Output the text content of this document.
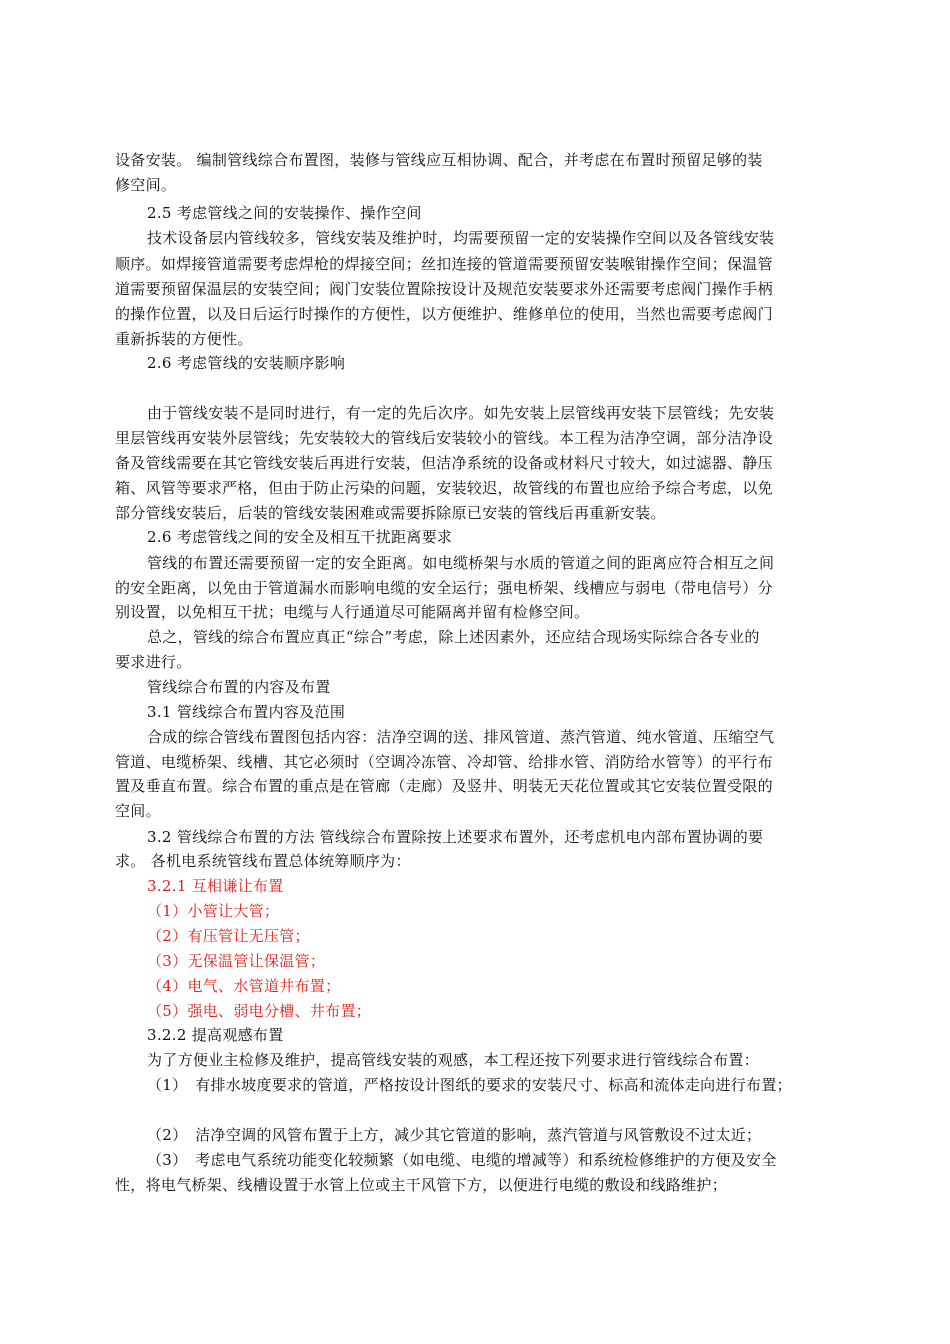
设备安装。 编制管线综合布置图，装修与管线应互相协调、配合，并考虑在布置时预留足够的装
修空间。
2.5 考虑管线之间的安装操作、操作空间
技术设备层内管线较多，管线安装及维护时，均需要预留一定的安装操作空间以及各管线安装
顺序。如焊接管道需要考虑焊枪的焊接空间；丝扣连接的管道需要预留安装喉钳操作空间；保温管
道需要预留保温层的安装空间；阀门安装位置除按设计及规范安装要求外还需要考虑阀门操作手柄
的操作位置，以及日后运行时操作的方便性，以方便维护、维修单位的使用，当然也需要考虑阀门
重新拆装的方便性。
2.6 考虑管线的安装顺序影响
由于管线安装不是同时进行，有一定的先后次序。如先安装上层管线再安装下层管线；先安装
里层管线再安装外层管线；先安装较大的管线后安装较小的管线。本工程为洁净空调，部分洁净设
备及管线需要在其它管线安装后再进行安装，但洁净系统的设备或材料尺寸较大，如过滤器、静压
箱、风管等要求严格，但由于防止污染的问题，安装较迟，故管线的布置也应给予综合考虑，以免
部分管线安装后，后装的管线安装困难或需要拆除原已安装的管线后再重新安装。
2.6 考虑管线之间的安全及相互干扰距离要求
管线的布置还需要预留一定的安全距离。如电缆桥架与水质的管道之间的距离应符合相互之间
的安全距离，以免由于管道漏水而影响电缆的安全运行；强电桥架、线槽应与弱电（带电信号）分
别设置，以免相互干扰；电缆与人行通道尽可能隔离并留有检修空间。
总之，管线的综合布置应真正“综合”考虑，除上述因素外，还应结合现场实际综合各专业的
要求进行。
管线综合布置的内容及布置
3.1 管线综合布置内容及范围
合成的综合管线布置图包括内容：洁净空调的送、排风管道、蒸汽管道、纯水管道、压缩空气
管道、电缆桥架、线槽、其它必须时（空调冷冻管、冷却管、给排水管、消防给水管等）的平行布
置及垂直布置。综合布置的重点是在管廊（走廊）及竖井、明装无天花位置或其它安装位置受限的
空间。
3.2 管线综合布置的方法 管线综合布置除按上述要求布置外，还考虑机电内部布置协调的要
求。 各机电系统管线布置总体统筹顺序为：
3.2.1 互相谦让布置
（1）小管让大管；
（2）有压管让无压管；
（3）无保温管让保温管；
（4）电气、水管道井布置；
（5）强电、弱电分槽、井布置；
3.2.2 提高观感布置
为了方便业主检修及维护，提高管线安装的观感，本工程还按下列要求进行管线综合布置：
（1）　有排水坡度要求的管道，严格按设计图纸的要求的安装尺寸、标高和流体走向进行布置；
（2）　洁净空调的风管布置于上方，减少其它管道的影响，蒸汽管道与风管敷设不过太近；
（3）　考虑电气系统功能变化较频繁（如电缆、电缆的增减等）和系统检修维护的方便及安全
性，将电气桥架、线槽设置于水管上位或主干风管下方，以便进行电缆的敷设和线路维护；
